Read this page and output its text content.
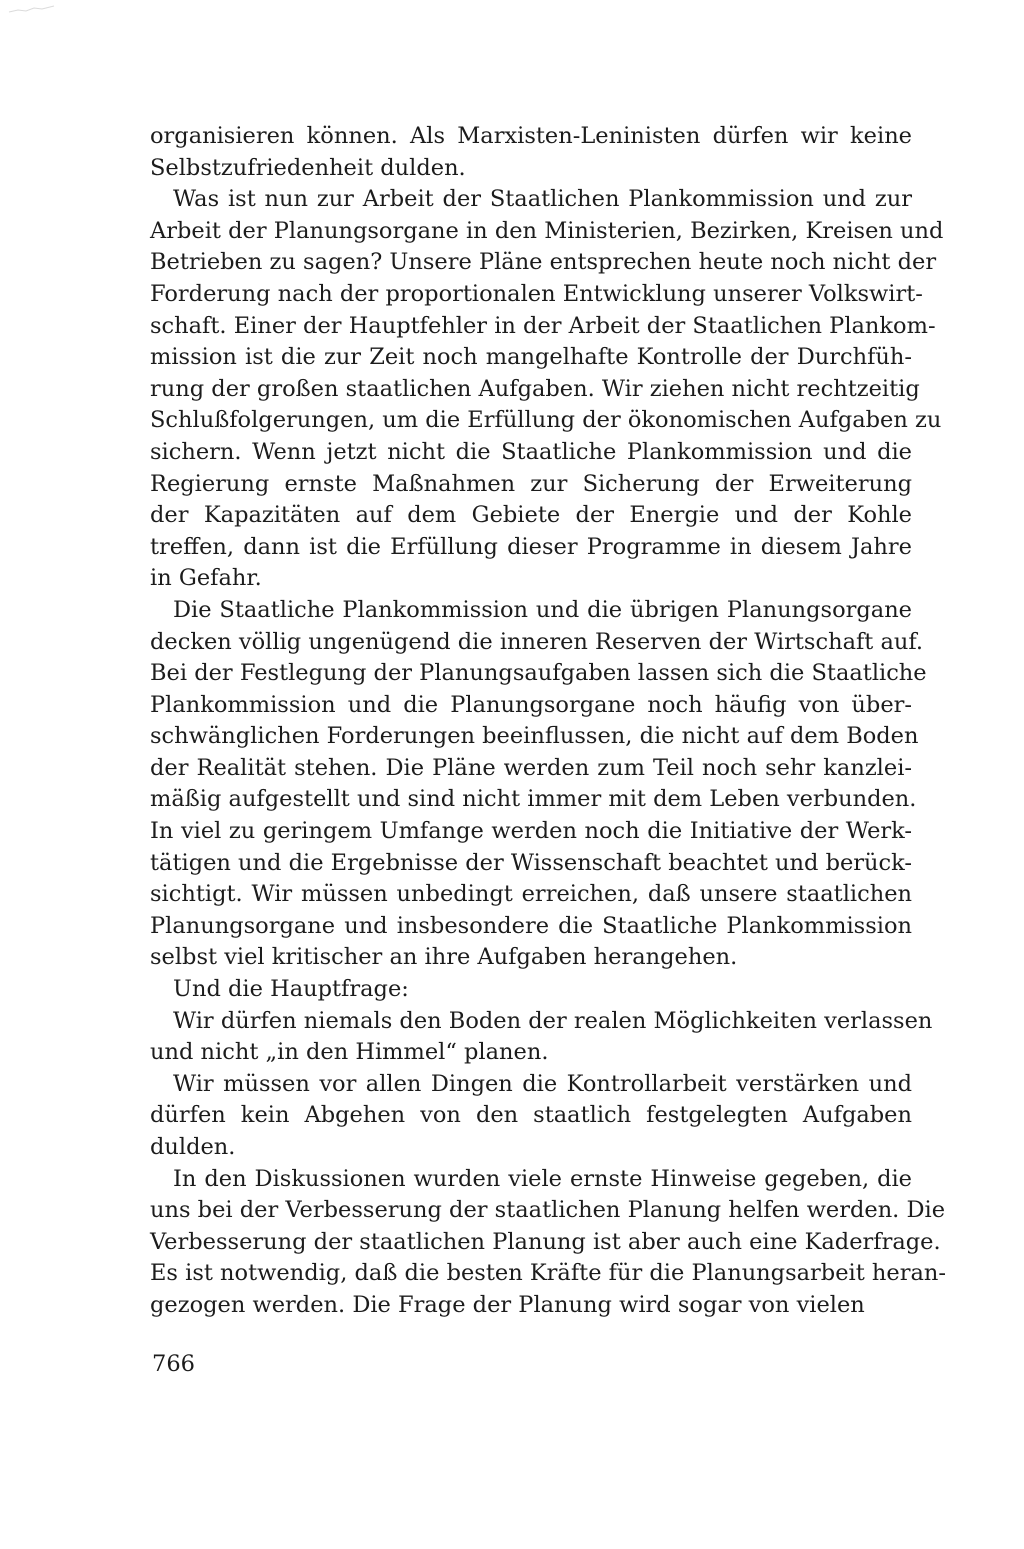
organisieren können. Als Marxisten-Leninisten dürfen wir keine
Selbstzufriedenheit dulden.

Was ist nun zur Arbeit der Staatlichen Plankommission und zur
Arbeit der Planungsorgane in den Ministerien, Bezirken, Kreisen und
Betrieben zu sagen? Unsere Pläne entsprechen heute noch nicht der
Forderung nach der proportionalen Entwicklung unserer Volkswirt-
schaft. Einer der Hauptfehler in der Arbeit der Staatlichen Plankom-
mission ist die zur Zeit noch mangelhafte Kontrolle der Durchfüh-
rung der großen staatlichen Aufgaben. Wir ziehen nicht rechtzeitig
Schlußfolgerungen, um die Erfüllung der ökonomischen Aufgaben zu
sichern. Wenn jetzt nicht die Staatliche Plankommission und die
Regierung ernste Maßnahmen zur Sicherung der Erweiterung
der Kapazitäten auf dem Gebiete der Energie und der Kohle
treffen, dann ist die Erfüllung dieser Programme in diesem Jahre
in Gefahr.

Die Staatliche Plankommission und die übrigen Planungsorgane
decken völlig ungenügend die inneren Reserven der Wirtschaft auf.
Bei der Festlegung der Planungsaufgaben lassen sich die Staatliche
Plankommission und die Planungsorgane noch häufig von über-
schwänglichen Forderungen beeinflussen, die nicht auf dem Boden
der Realität stehen. Die Pläne werden zum Teil noch sehr kanzlei-
mäßig aufgestellt und sind nicht immer mit dem Leben verbunden.
In viel zu geringem Umfange werden noch die Initiative der Werk-
tätigen und die Ergebnisse der Wissenschaft beachtet und berück-
sichtigt. Wir müssen unbedingt erreichen, daß unsere staatlichen
Planungsorgane und insbesondere die Staatliche Plankommission
selbst viel kritischer an ihre Aufgaben herangehen.

Und die Hauptfrage:

Wir dürfen niemals den Boden der realen Möglichkeiten verlassen
und nicht „in den Himmel“ planen.

Wir müssen vor allen Dingen die Kontrollarbeit verstärken und
dürfen kein Abgehen von den staatlich festgelegten Aufgaben
dulden.

In den Diskussionen wurden viele ernste Hinweise gegeben, die
uns bei der Verbesserung der staatlichen Planung helfen werden. Die
Verbesserung der staatlichen Planung ist aber auch eine Kaderfrage.
Es ist notwendig, daß die besten Kräfte für die Planungsarbeit heran-
gezogen werden. Die Frage der Planung wird sogar von vielen

766
